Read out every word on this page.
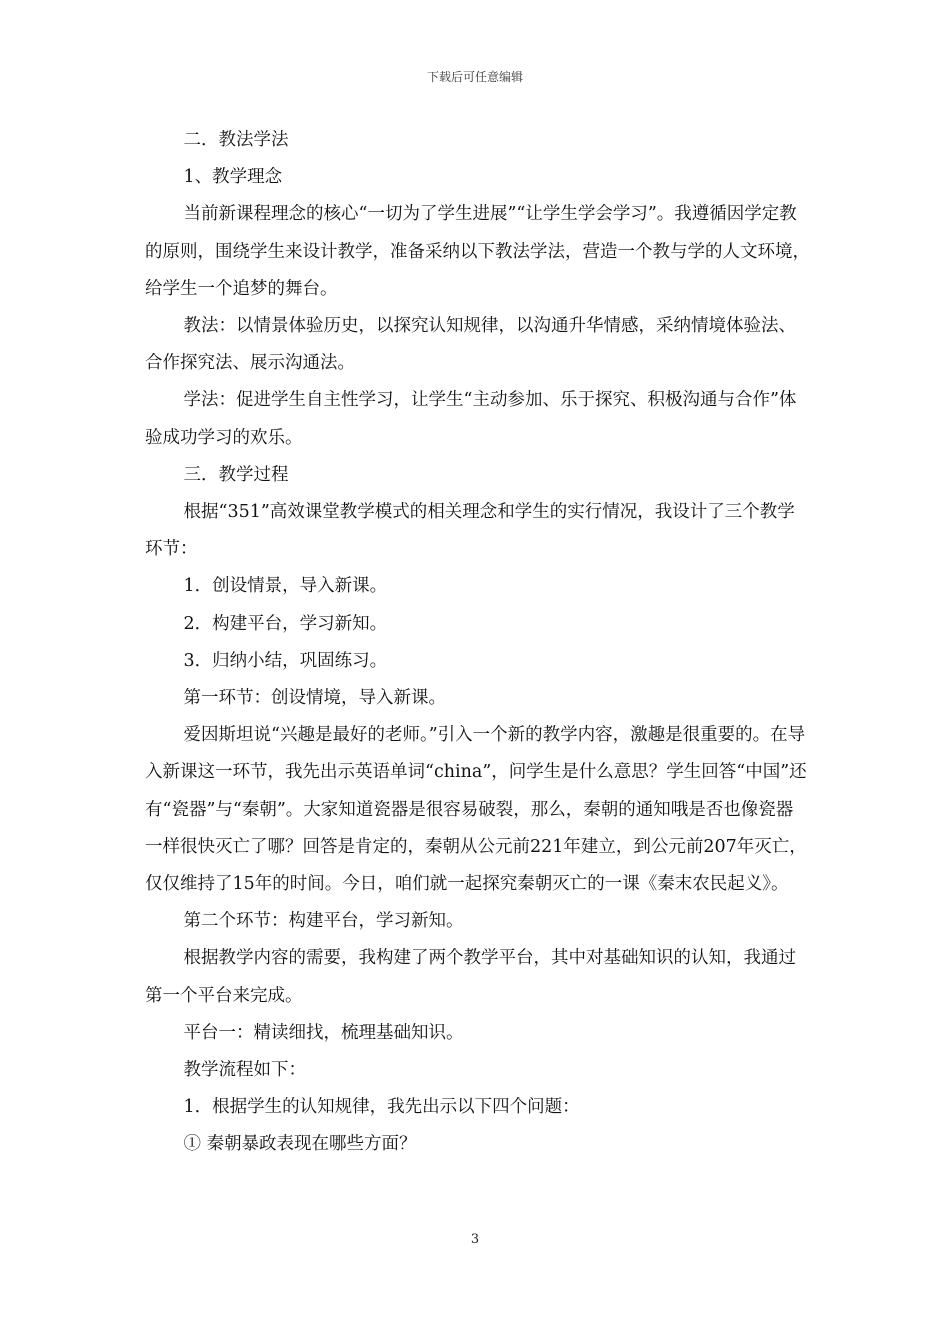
下载后可任意编辑

二．教法学法

1、教学理念

当前新课程理念的核心“一切为了学生进展”“让学生学会学习”。我遵循因学定教的原则，围绕学生来设计教学，准备采纳以下教法学法，营造一个教与学的人文环境，给学生一个追梦的舞台。

教法：以情景体验历史，以探究认知规律，以沟通升华情感，采纳情境体验法、合作探究法、展示沟通法。

学法：促进学生自主性学习，让学生“主动参加、乐于探究、积极沟通与合作”体验成功学习的欢乐。

三．教学过程

根据“351”高效课堂教学模式的相关理念和学生的实行情况，我设计了三个教学环节：

1．创设情景，导入新课。

2．构建平台，学习新知。

3．归纳小结，巩固练习。

第一环节：创设情境，导入新课。

爱因斯坦说“兴趣是最好的老师。”引入一个新的教学内容，激趣是很重要的。在导入新课这一环节，我先出示英语单词“china”，问学生是什么意思？学生回答“中国”还有“瓷器”与“秦朝”。大家知道瓷器是很容易破裂，那么，秦朝的通知哦是否也像瓷器一样很快灭亡了哪？回答是肯定的，秦朝从公元前221年建立，到公元前207年灭亡，仅仅维持了15年的时间。今日，咱们就一起探究秦朝灭亡的一课《秦末农民起义》。

第二个环节：构建平台，学习新知。

根据教学内容的需要，我构建了两个教学平台，其中对基础知识的认知，我通过第一个平台来完成。

平台一：精读细找，梳理基础知识。

教学流程如下：

1．根据学生的认知规律，我先出示以下四个问题：

① 秦朝暴政表现在哪些方面？

3
